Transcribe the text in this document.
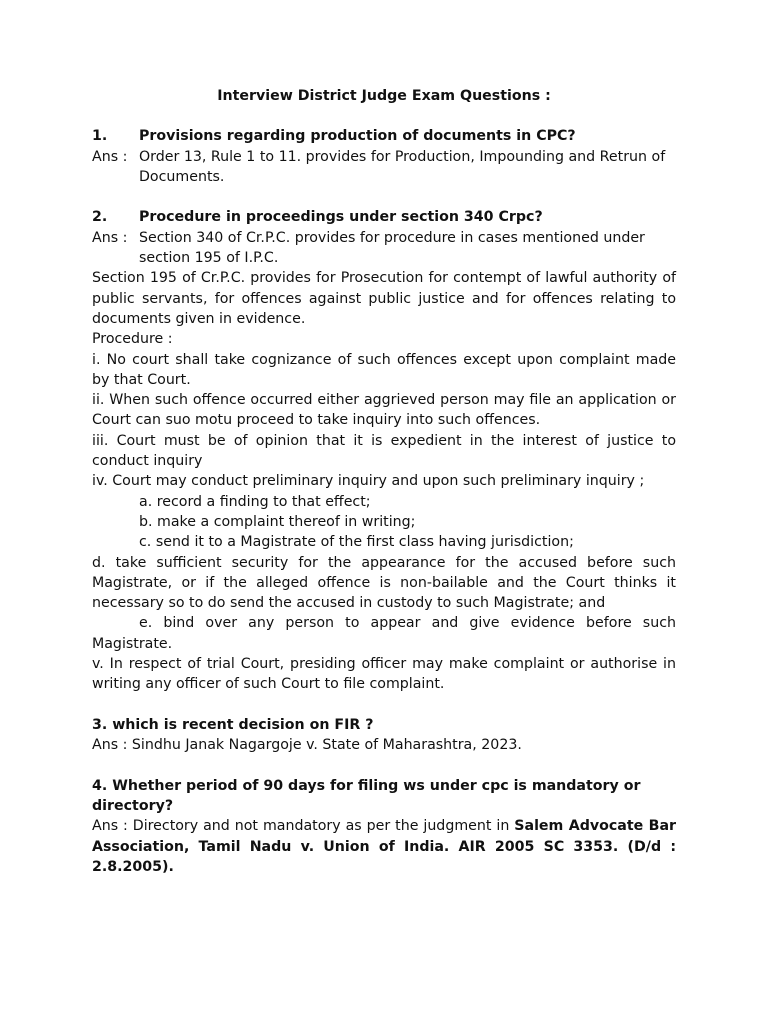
Interview District Judge Exam Questions :

1. Provisions regarding production of documents in CPC?

Ans : Order 13, Rule 1 to 11. provides for Production, Impounding and Retrun of Documents.

2. Procedure in proceedings under section 340 Crpc?

Ans : Section 340 of Cr.P.C. provides for procedure in cases mentioned under section 195 of I.P.C.

Section 195 of Cr.P.C. provides for Prosecution for contempt of lawful authority of public servants, for offences against public justice and for offences relating to documents given in evidence.

Procedure :

i. No court shall take cognizance of such offences except upon complaint made by that Court.

ii. When such offence occurred either aggrieved person may file an application or Court can suo motu proceed to take inquiry into such offences.

iii. Court must be of opinion that it is expedient in the interest of justice to conduct inquiry

iv. Court may conduct preliminary inquiry and upon such preliminary inquiry ;

a. record a finding to that effect;

b. make a complaint thereof in writing;

c. send it to a Magistrate of the first class having jurisdiction;

d. take sufficient security for the appearance for the accused before such Magistrate, or if the alleged offence is non-bailable and the Court thinks it necessary so to do send the accused in custody to such Magistrate; and

e. bind over any person to appear and give evidence before such Magistrate.

v. In respect of trial Court, presiding officer may make complaint or authorise in writing any officer of such Court to file complaint.

3. which is recent decision on FIR ?

Ans : Sindhu Janak Nagargoje v. State of Maharashtra, 2023.

4. Whether period of 90 days for filing ws under cpc is mandatory or directory?

Ans : Directory and not mandatory as per the judgment in Salem Advocate Bar Association, Tamil Nadu v. Union of India. AIR 2005 SC 3353. (D/d : 2.8.2005).
